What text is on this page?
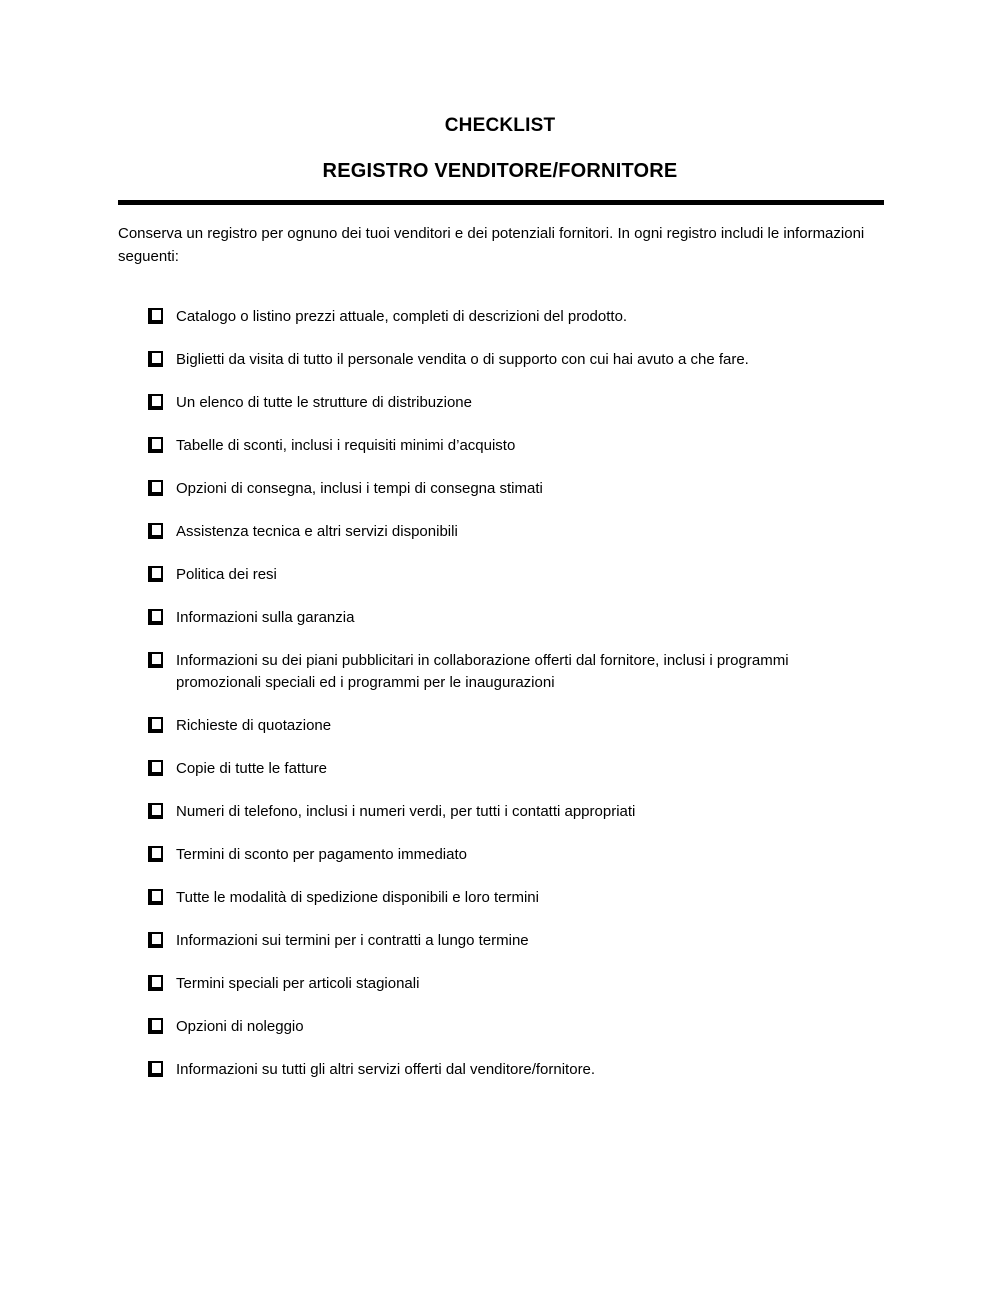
CHECKLIST
REGISTRO VENDITORE/FORNITORE

Conserva un registro per ognuno dei tuoi venditori e dei potenziali fornitori. In ogni registro includi le informazioni seguenti:

Catalogo o listino prezzi attuale, completi di descrizioni del prodotto.
Biglietti da visita di tutto il personale vendita o di supporto con cui hai avuto a che fare.
Un elenco di tutte le strutture di distribuzione
Tabelle di sconti, inclusi i requisiti minimi d’acquisto
Opzioni di consegna, inclusi i tempi di consegna stimati
Assistenza tecnica e altri servizi disponibili
Politica dei resi
Informazioni sulla garanzia
Informazioni su dei piani pubblicitari in collaborazione offerti dal fornitore, inclusi i programmi promozionali speciali ed i programmi per le inaugurazioni
Richieste di quotazione
Copie di tutte le fatture
Numeri di telefono, inclusi i numeri verdi, per tutti i contatti appropriati
Termini di sconto per pagamento immediato
Tutte le modalità di spedizione disponibili e loro termini
Informazioni sui termini per i contratti a lungo termine
Termini speciali per articoli stagionali
Opzioni di noleggio
Informazioni su tutti gli altri servizi offerti dal venditore/fornitore.
